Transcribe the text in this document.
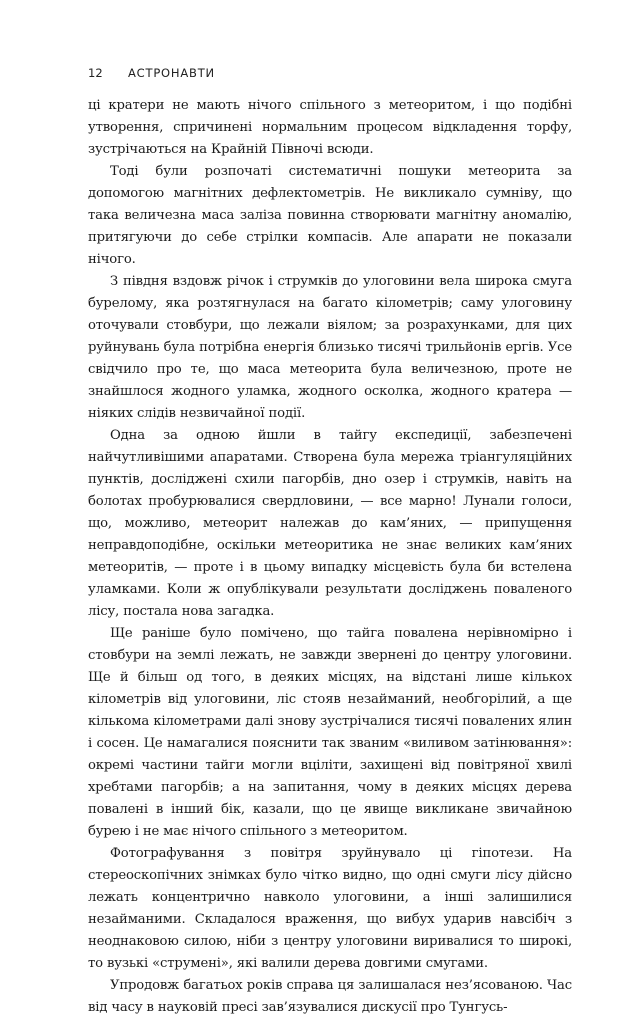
12 АСТРОНАВТИ

ці кратери не мають нічого спільного з метеоритом, і що подібні утворення, спричинені нормальним процесом відкладення торфу, зустрічаються на Крайній Півночі всюди.

Тоді були розпочаті систематичні пошуки метеорита за допомогою магнітних дефлектометрів. Не викликало сумніву, що така величезна маса заліза повинна створювати магнітну аномалію, притягуючи до себе стрілки компасів. Але апарати не показали нічого.

З півдня вздовж річок і струмків до улоговини вела широка смуга бурелому, яка розтягнулася на багато кілометрів; саму улоговину оточували стовбури, що лежали віялом; за розрахунками, для цих руйнувань була потрібна енергія близько тисячі трильйонів ергів. Усе свідчило про те, що маса метеорита була величезною, проте не знайшлося жодного уламка, жодного осколка, жодного кратера — ніяких слідів незвичайної події.

Одна за одною йшли в тайгу експедиції, забезпечені найчутливішими апаратами. Створена була мережа тріангуляційних пунктів, досліджені схили пагорбів, дно озер і струмків, навіть на болотах пробурювалися свердловини, — все марно! Лунали голоси, що, можливо, метеорит належав до кам’яних, — припущення неправдоподібне, оскільки метеоритика не знає великих кам’яних метеоритів, — проте і в цьому випадку місцевість була би встелена уламками. Коли ж опублікували результати досліджень поваленого лісу, постала нова загадка.

Ще раніше було помічено, що тайга повалена нерівномірно і стовбури на землі лежать, не завжди звернені до центру улоговини. Ще й більш од того, в деяких місцях, на відстані лише кількох кілометрів від улоговини, ліс стояв незайманий, необгорілий, а ще кількома кілометрами далі знову зустрічалися тисячі повалених ялин і сосен. Це намагалися пояснити так званим «виливом затінювання»: окремі частини тайги могли вціліти, захищені від повітряної хвилі хребтами пагорбів; а на запитання, чому в деяких місцях дерева повалені в інший бік, казали, що це явище викликане звичайною бурею і не має нічого спільного з метеоритом.

Фотографування з повітря зруйнувало ці гіпотези. На стереоскопічних знімках було чітко видно, що одні смуги лісу дійсно лежать концентрично навколо улоговини, а інші залишилися незайманими. Складалося враження, що вибух ударив навсібіч з неоднаковою силою, ніби з центру улоговини виривалися то широкі, то вузькі «струмені», які валили дерева довгими смугами.

Упродовж багатьох років справа ця залишалася нез’ясованою. Час від часу в науковій пресі зав’язувалися дискусії про Тунгусь-
